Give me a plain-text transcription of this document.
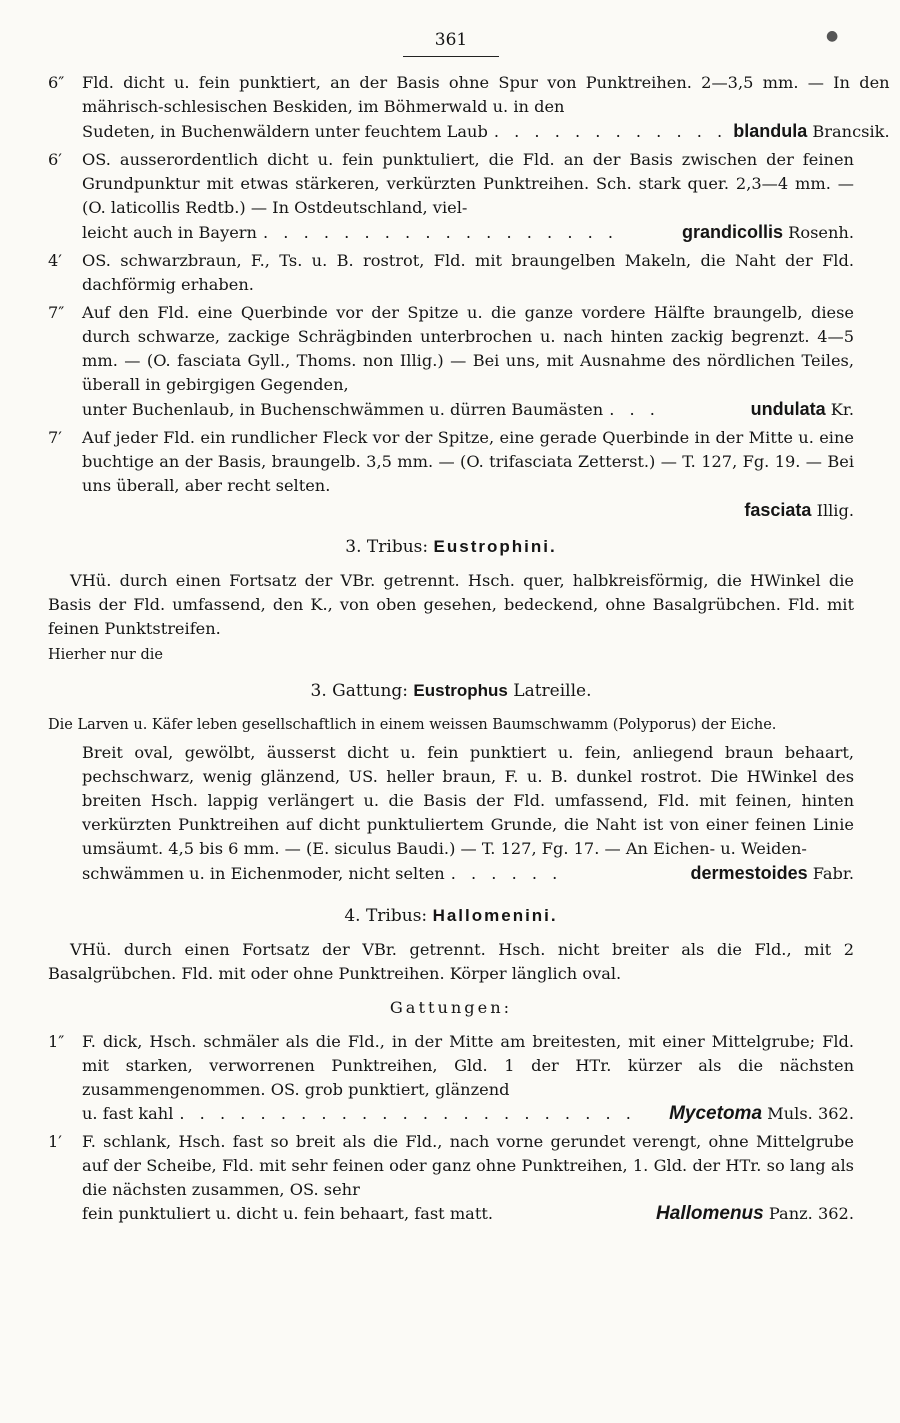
●
361
6″	Fld. dicht u. fein punktiert, an der Basis ohne Spur von Punktreihen. 2—3,5 mm. — In den mährisch-schlesischen Beskiden, im Böhmerwald u. in den
Sudeten, in Buchenwäldern unter feuchtem Laub . . . . . . . . . . . . blandula Brancsik.
6′	OS. ausserordentlich dicht u. fein punktuliert, die Fld. an der Basis zwischen der feinen Grundpunktur mit etwas stärkeren, verkürzten Punktreihen. Sch. stark quer. 2,3—4 mm. — (O. laticollis Redtb.) — In Ostdeutschland, viel-
leicht auch in Bayern . . . . . . . . . . . . . . . . . .	grandicollis Rosenh.
4′	OS. schwarzbraun, F., Ts. u. B. rostrot, Fld. mit braungelben Makeln, die Naht der Fld. dachförmig erhaben.
7″	Auf den Fld. eine Querbinde vor der Spitze u. die ganze vordere Hälfte braungelb, diese durch schwarze, zackige Schrägbinden unterbrochen u. nach hinten zackig begrenzt. 4—5 mm. — (O. fasciata Gyll., Thoms. non Illig.) — Bei uns, mit Ausnahme des nördlichen Teiles, überall in gebirgigen Gegenden,
unter Buchenlaub, in Buchenschwämmen u. dürren Baumästen . . .	undulata Kr.
7′	Auf jeder Fld. ein rundlicher Fleck vor der Spitze, eine gerade Querbinde in der Mitte u. eine buchtige an der Basis, braungelb. 3,5 mm. — (O. trifasciata Zetterst.) — T. 127, Fg. 19. — Bei uns überall, aber recht selten.
fasciata Illig.
3. Tribus: Eustrophini.
VHü. durch einen Fortsatz der VBr. getrennt. Hsch. quer, halbkreisförmig, die HWinkel die Basis der Fld. umfassend, den K., von oben gesehen, bedeckend, ohne Basalgrübchen. Fld. mit feinen Punktstreifen.
Hierher nur die
3. Gattung: Eustrophus Latreille.
Die Larven u. Käfer leben gesellschaftlich in einem weissen Baumschwamm (Polyporus) der Eiche.
Breit oval, gewölbt, äusserst dicht u. fein punktiert u. fein, anliegend braun behaart, pechschwarz, wenig glänzend, US. heller braun, F. u. B. dunkel rostrot. Die HWinkel des breiten Hsch. lappig verlängert u. die Basis der Fld. umfassend, Fld. mit feinen, hinten verkürzten Punktreihen auf dicht punktuliertem Grunde, die Naht ist von einer feinen Linie umsäumt. 4,5 bis 6 mm. — (E. siculus Baudi.) — T. 127, Fg. 17. — An Eichen- u. Weiden-
schwämmen u. in Eichenmoder, nicht selten . . . . . .	dermestoides Fabr.
4. Tribus: Hallomenini.
VHü. durch einen Fortsatz der VBr. getrennt. Hsch. nicht breiter als die Fld., mit 2 Basalgrübchen. Fld. mit oder ohne Punktreihen. Körper länglich oval.
Gattungen:
1″	F. dick, Hsch. schmäler als die Fld., in der Mitte am breitesten, mit einer Mittelgrube; Fld. mit starken, verworrenen Punktreihen, Gld. 1 der HTr. kürzer als die nächsten zusammengenommen. OS. grob punktiert, glänzend
u. fast kahl . . . . . . . . . . . . . . . . . . . . . . .	Mycetoma Muls. 362.
1′	F. schlank, Hsch. fast so breit als die Fld., nach vorne gerundet verengt, ohne Mittelgrube auf der Scheibe, Fld. mit sehr feinen oder ganz ohne Punktreihen, 1. Gld. der HTr. so lang als die nächsten zusammen, OS. sehr
fein punktuliert u. dicht u. fein behaart, fast matt.	Hallomenus Panz. 362.
